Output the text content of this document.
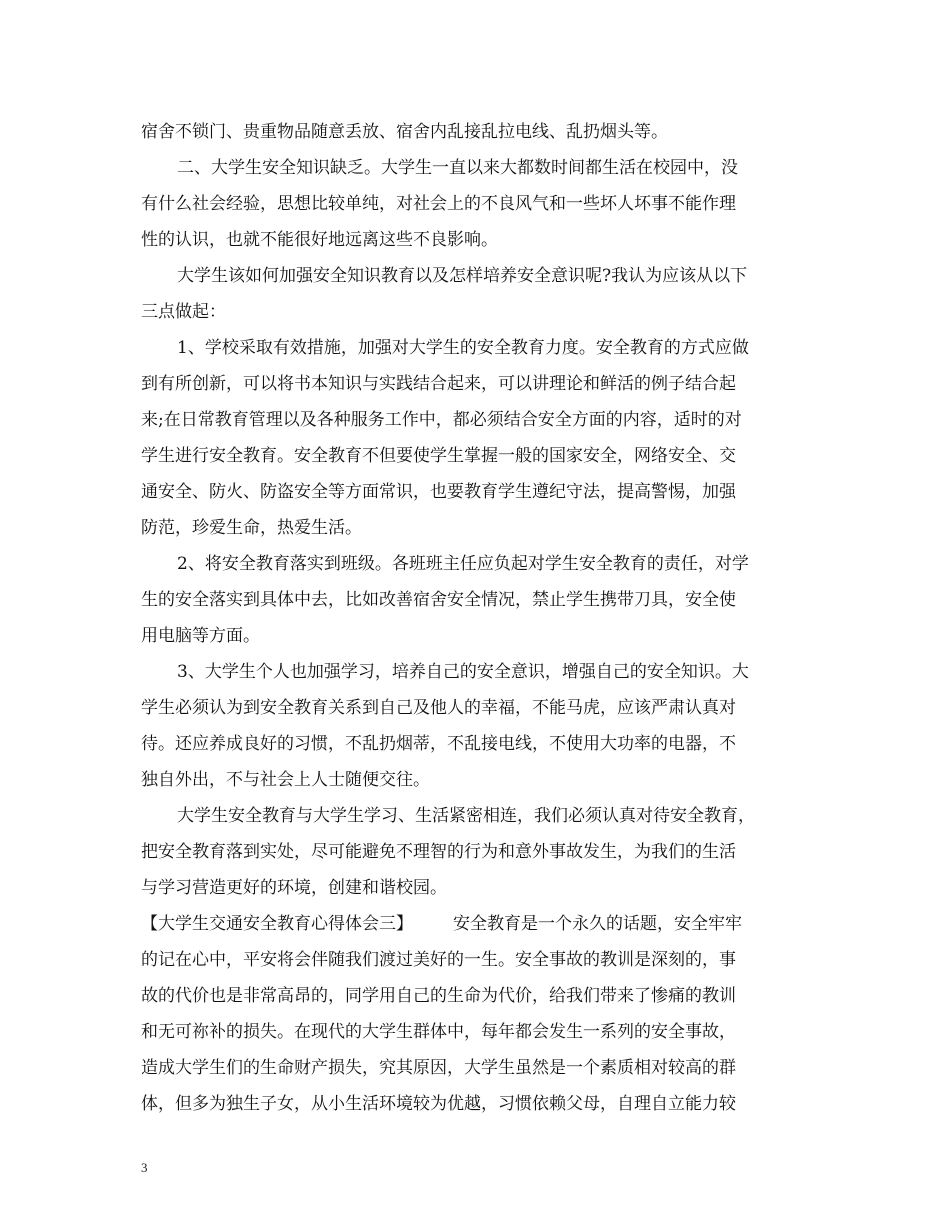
宿舍不锁门、贵重物品随意丢放、宿舍内乱接乱拉电线、乱扔烟头等。
二、大学生安全知识缺乏。大学生一直以来大都数时间都生活在校园中，没
有什么社会经验，思想比较单纯，对社会上的不良风气和一些坏人坏事不能作理
性的认识，也就不能很好地远离这些不良影响。
大学生该如何加强安全知识教育以及怎样培养安全意识呢?我认为应该从以下
三点做起：
1、学校采取有效措施，加强对大学生的安全教育力度。安全教育的方式应做
到有所创新，可以将书本知识与实践结合起来，可以讲理论和鲜活的例子结合起
来;在日常教育管理以及各种服务工作中，都必须结合安全方面的内容，适时的对
学生进行安全教育。安全教育不但要使学生掌握一般的国家安全，网络安全、交
通安全、防火、防盗安全等方面常识，也要教育学生遵纪守法，提高警惕，加强
防范，珍爱生命，热爱生活。
2、将安全教育落实到班级。各班班主任应负起对学生安全教育的责任，对学
生的安全落实到具体中去，比如改善宿舍安全情况，禁止学生携带刀具，安全使
用电脑等方面。
3、大学生个人也加强学习，培养自己的安全意识，增强自己的安全知识。大
学生必须认为到安全教育关系到自己及他人的幸福，不能马虎，应该严肃认真对
待。还应养成良好的习惯，不乱扔烟蒂，不乱接电线，不使用大功率的电器，不
独自外出，不与社会上人士随便交往。
大学生安全教育与大学生学习、生活紧密相连，我们必须认真对待安全教育，
把安全教育落到实处，尽可能避免不理智的行为和意外事故发生，为我们的生活
与学习营造更好的环境，创建和谐校园。
【大学生交通安全教育心得体会三】 安全教育是一个永久的话题，安全牢牢
的记在心中，平安将会伴随我们渡过美好的一生。安全事故的教训是深刻的，事
故的代价也是非常高昂的，同学用自己的生命为代价，给我们带来了惨痛的教训
和无可祢补的损失。在现代的大学生群体中，每年都会发生一系列的安全事故，
造成大学生们的生命财产损失，究其原因，大学生虽然是一个素质相对较高的群
体，但多为独生子女，从小生活环境较为优越，习惯依赖父母，自理自立能力较
3
